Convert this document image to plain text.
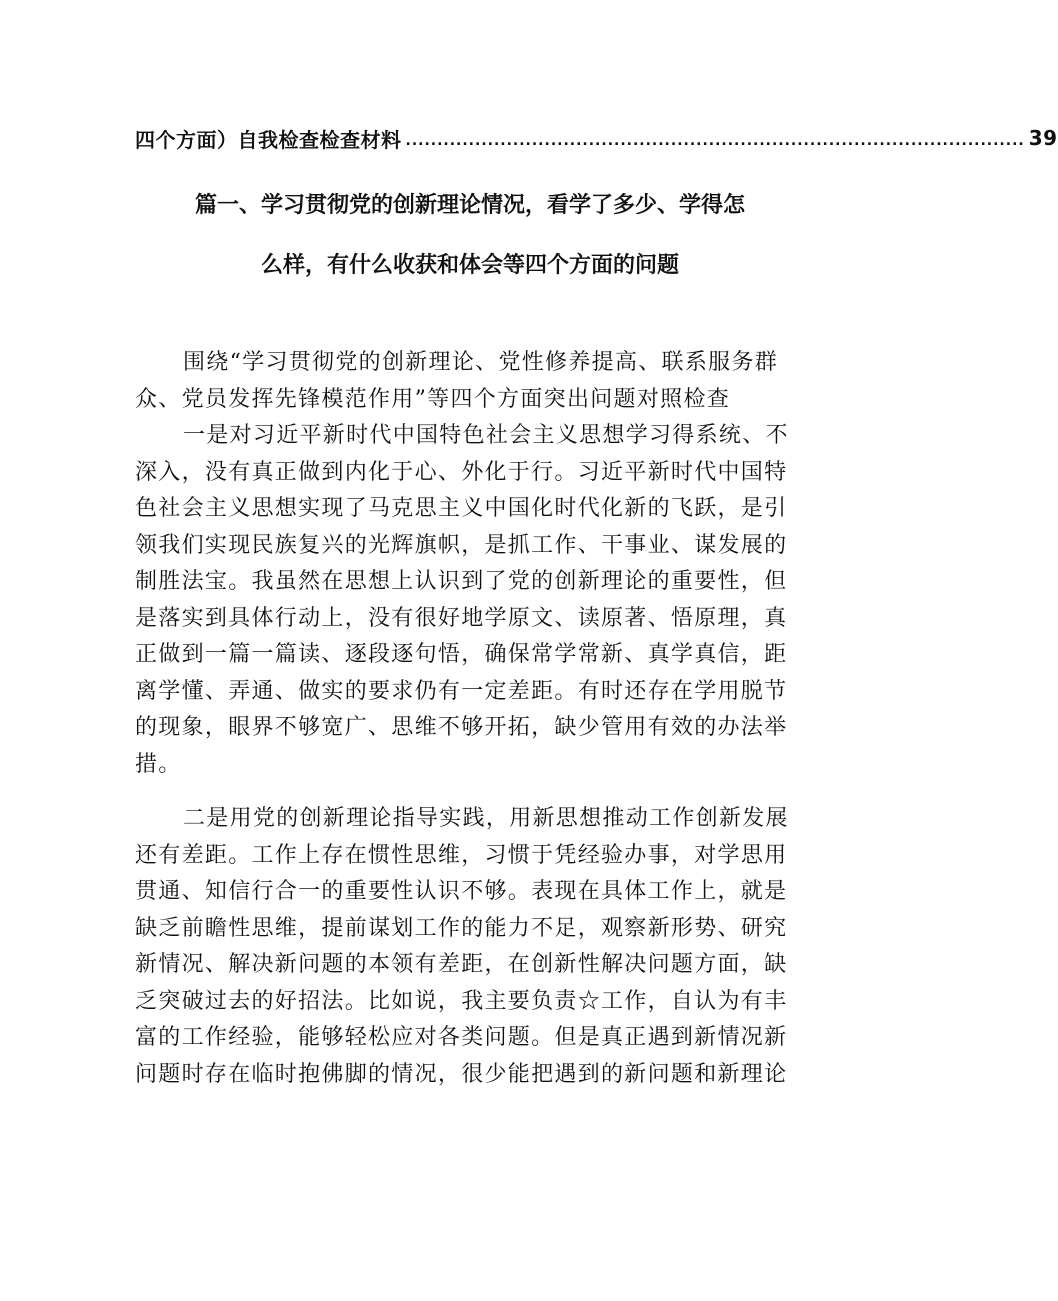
四个方面）自我检查检查材料 .................................................................................................. 39
篇一、学习贯彻党的创新理论情况，看学了多少、学得怎
么样，有什么收获和体会等四个方面的问题
围绕“学习贯彻党的创新理论、党性修养提高、联系服务群
众、党员发挥先锋模范作用”等四个方面突出问题对照检查
一是对习近平新时代中国特色社会主义思想学习得系统、不
深入，没有真正做到内化于心、外化于行。习近平新时代中国特
色社会主义思想实现了马克思主义中国化时代化新的飞跃，是引
领我们实现民族复兴的光辉旗帜，是抓工作、干事业、谋发展的
制胜法宝。我虽然在思想上认识到了党的创新理论的重要性，但
是落实到具体行动上，没有很好地学原文、读原著、悟原理，真
正做到一篇一篇读、逐段逐句悟，确保常学常新、真学真信，距
离学懂、弄通、做实的要求仍有一定差距。有时还存在学用脱节
的现象，眼界不够宽广、思维不够开拓，缺少管用有效的办法举
措。
二是用党的创新理论指导实践，用新思想推动工作创新发展
还有差距。工作上存在惯性思维，习惯于凭经验办事，对学思用
贯通、知信行合一的重要性认识不够。表现在具体工作上，就是
缺乏前瞻性思维，提前谋划工作的能力不足，观察新形势、研究
新情况、解决新问题的本领有差距，在创新性解决问题方面，缺
乏突破过去的好招法。比如说，我主要负责☆工作，自认为有丰
富的工作经验，能够轻松应对各类问题。但是真正遇到新情况新
问题时存在临时抱佛脚的情况，很少能把遇到的新问题和新理论
